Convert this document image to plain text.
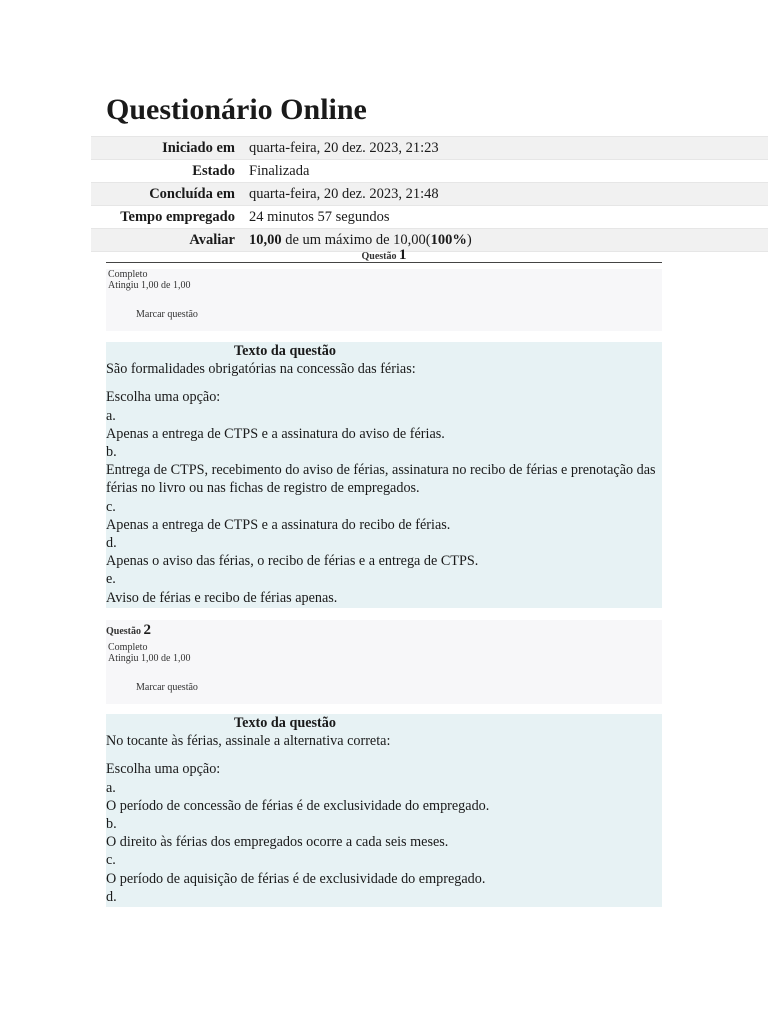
Questionário Online
Iniciado em quarta-feira, 20 dez. 2023, 21:23
Estado Finalizada
Concluída em quarta-feira, 20 dez. 2023, 21:48
Tempo empregado 24 minutos 57 segundos
Avaliar 10,00 de um máximo de 10,00(100%)
Questão 1
Completo
Atingiu 1,00 de 1,00
Marcar questão
Texto da questão

São formalidades obrigatórias na concessão das férias:

Escolha uma opção:

a.

Apenas a entrega de CTPS e a assinatura do aviso de férias.

b.

Entrega de CTPS, recebimento do aviso de férias, assinatura no recibo de férias e prenotação das férias no livro ou nas fichas de registro de empregados.

c.

Apenas a entrega de CTPS e a assinatura do recibo de férias.

d.

Apenas o aviso das férias, o recibo de férias e a entrega de CTPS.

e.

Aviso de férias e recibo de férias apenas.

Questão 2
Completo
Atingiu 1,00 de 1,00
Marcar questão
Texto da questão

No tocante às férias, assinale a alternativa correta:

Escolha uma opção:

a.

O período de concessão de férias é de exclusividade do empregado.

b.

O direito às férias dos empregados ocorre a cada seis meses.

c.

O período de aquisição de férias é de exclusividade do empregado.

d.
